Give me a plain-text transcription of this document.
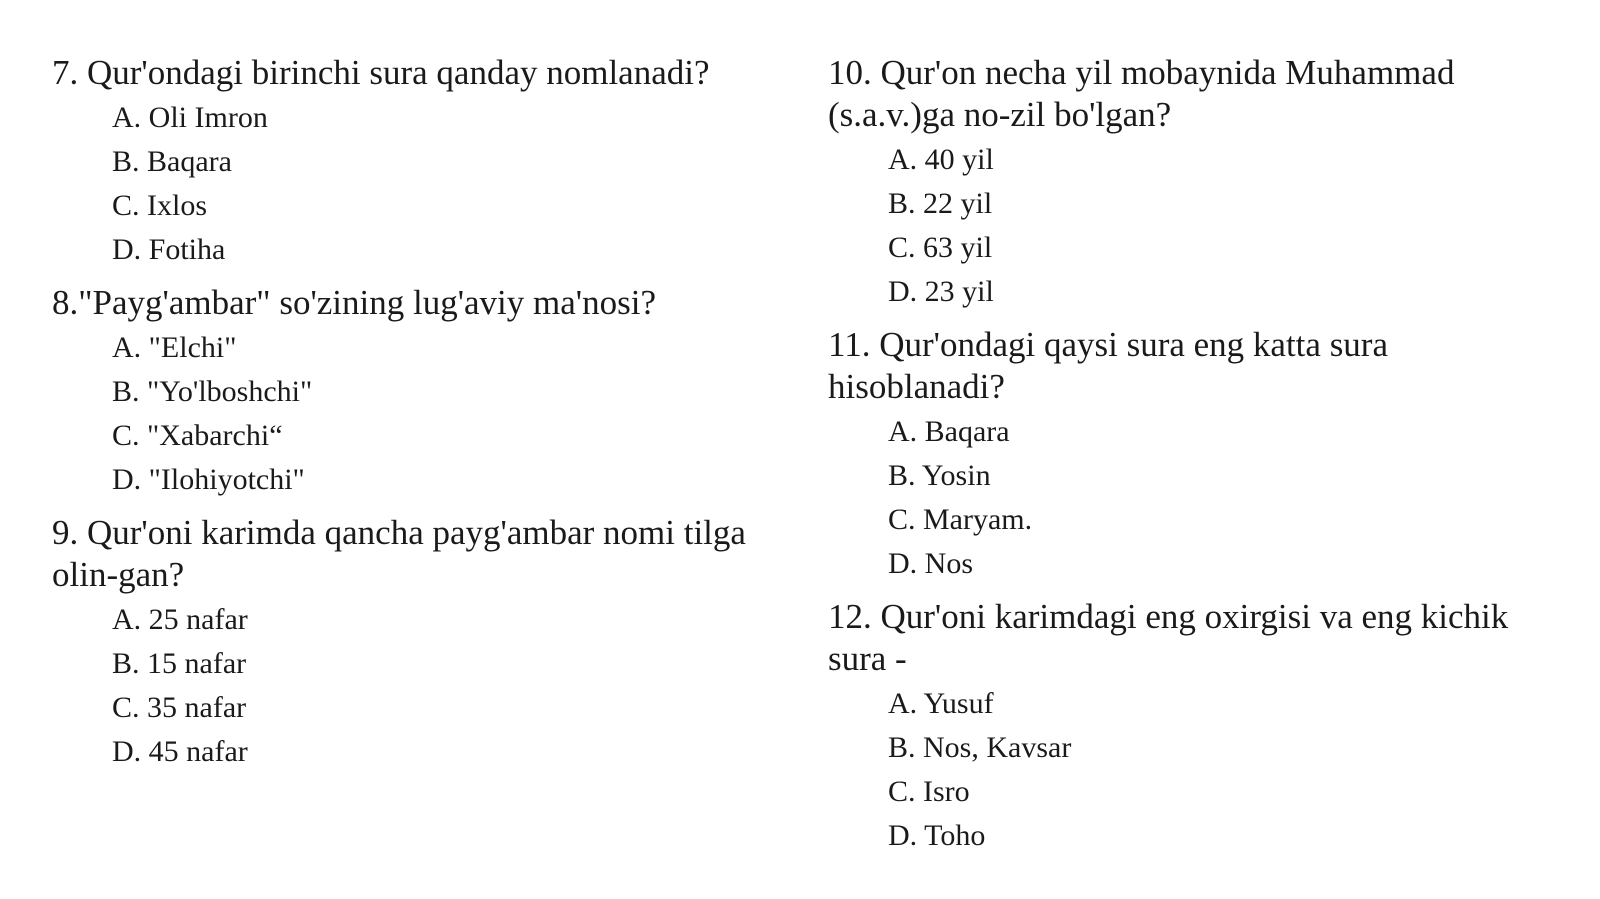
7. Qur'ondagi birinchi sura qanday nomlanadi?

A. Oli Imron
B. Baqara
C. Ixlos
D. Fotiha

8."Payg'ambar" so'zining lug'aviy ma'nosi?

A. "Elchi"
B. "Yo'lboshchi"
C. "Xabarchi“
D. "Ilohiyotchi"

9. Qur'oni karimda qancha payg'ambar nomi tilga olin-gan?

A. 25 nafar
B. 15 nafar
C. 35 nafar
D. 45 nafar

10. Qur'on necha yil mobaynida Muhammad (s.a.v.)ga no-zil bo'lgan?

A. 40 yil
B. 22 yil
C. 63 yil
D. 23 yil

11. Qur'ondagi qaysi sura eng katta sura hisoblanadi?

A. Baqara
B. Yosin
C. Maryam.
D. Nos

12. Qur'oni karimdagi eng oxirgisi va eng kichik sura -

A. Yusuf
B. Nos, Kavsar
C. Isro
D. Toho
